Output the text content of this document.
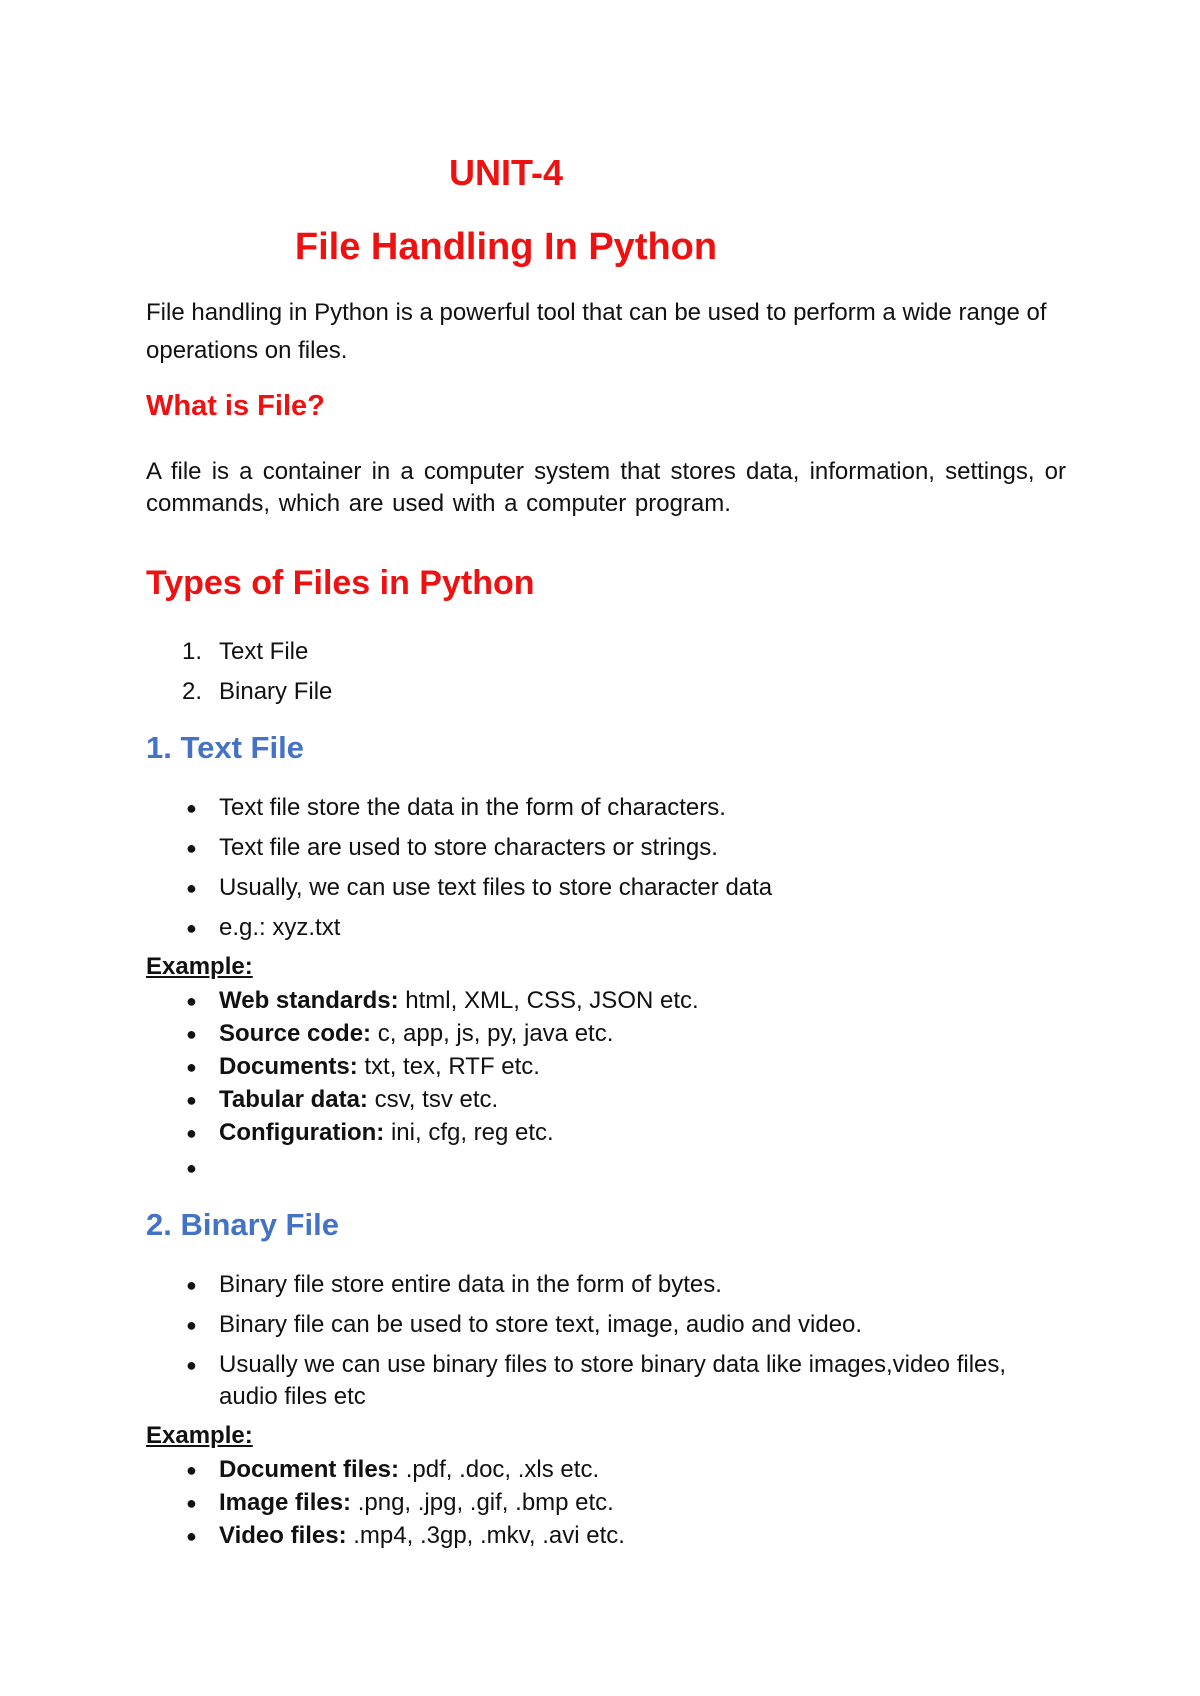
UNIT-4
File Handling In Python
File handling in Python is a powerful tool that can be used to perform a wide range of operations on files.
What is File?
A file is a container in a computer system that stores data, information, settings, or commands, which are used with a computer program.
Types of Files in Python
1. Text File
2. Binary File
1. Text File
● Text file store the data in the form of characters.
● Text file are used to store characters or strings.
● Usually, we can use text files to store character data
● e.g.: xyz.txt
Example:
● Web standards: html, XML, CSS, JSON etc.
● Source code: c, app, js, py, java etc.
● Documents: txt, tex, RTF etc.
● Tabular data: csv, tsv etc.
● Configuration: ini, cfg, reg etc.
●
2. Binary File
● Binary file store entire data in the form of bytes.
● Binary file can be used to store text, image, audio and video.
● Usually we can use binary files to store binary data like images,video files,
audio files etc
Example:
● Document files: .pdf, .doc, .xls etc.
● Image files: .png, .jpg, .gif, .bmp etc.
● Video files: .mp4, .3gp, .mkv, .avi etc.
